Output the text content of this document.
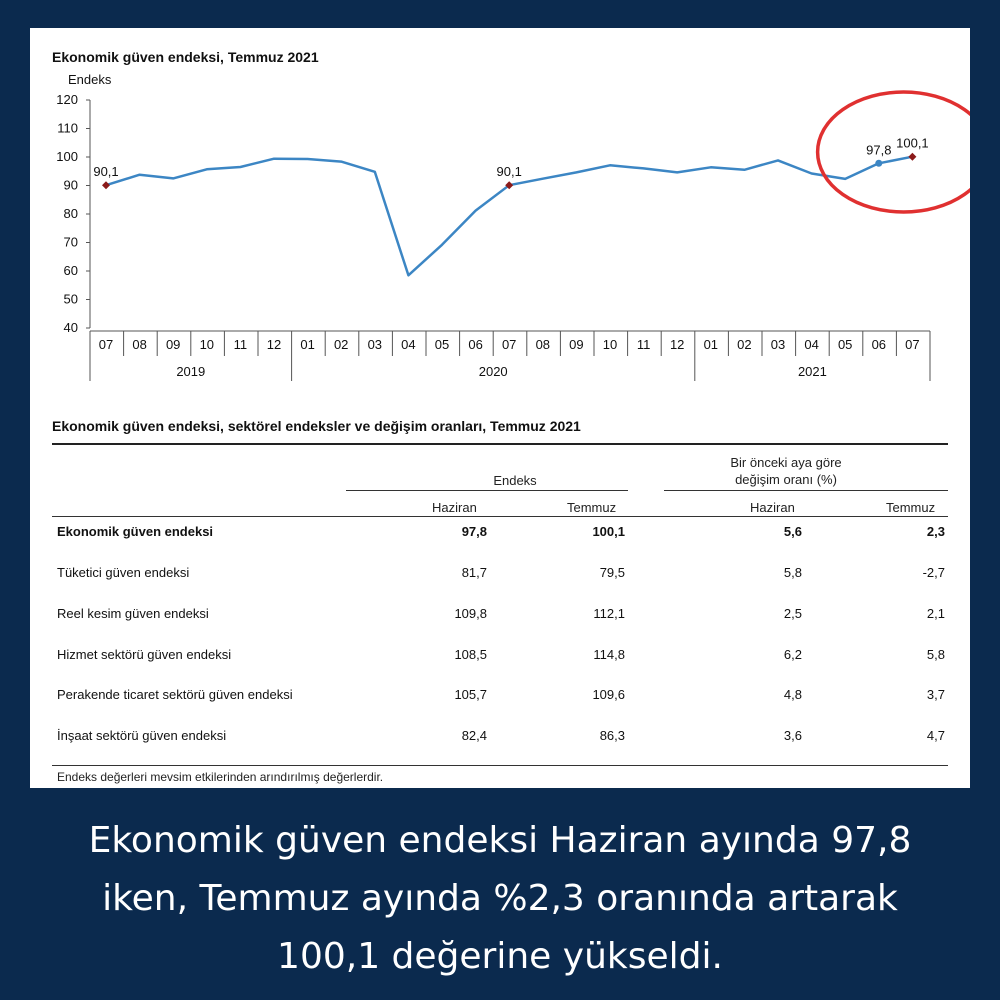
Ekonomik güven endeksi, Temmuz 2021
Endeks
40
50
60
70
80
90
100
110
120
07 08 09 10 11 12 01 02 03 04 05 06 07 08 09 10 11 12 01 02 03 04 05 06 07
2019	2020	2021
90,1	90,1
97,8 100,1
Ekonomik güven endeksi, sektörel endeksler ve değişim oranları, Temmuz 2021
Endeks
Bir önceki aya göre
değişim oranı (%)
Haziran	Temmuz	Haziran	Temmuz
Ekonomik güven endeksi	97,8	100,1	5,6	2,3
Tüketici güven endeksi	81,7	79,5	5,8	-2,7
Reel kesim güven endeksi	109,8	112,1	2,5	2,1
Hizmet sektörü güven endeksi	108,5	114,8	6,2	5,8
Perakende ticaret sektörü güven endeksi	105,7	109,6	4,8	3,7
İnşaat sektörü güven endeksi	82,4	86,3	3,6	4,7
Endeks değerleri mevsim etkilerinden arındırılmış değerlerdir.
Ekonomik güven endeksi Haziran ayında 97,8
iken, Temmuz ayında %2,3 oranında artarak
100,1 değerine yükseldi.
